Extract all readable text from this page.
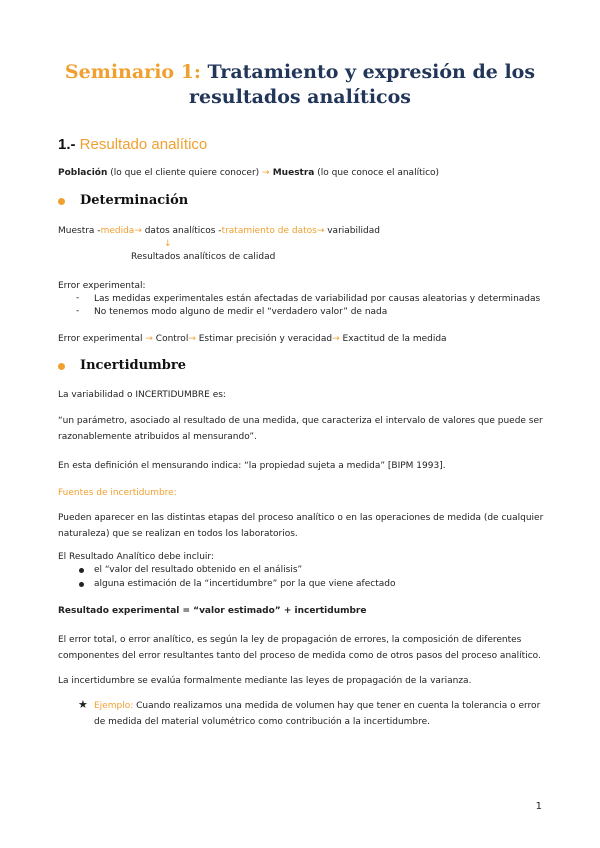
Seminario 1: Tratamiento y expresión de los
resultados analíticos
1.- Resultado analítico
Población (lo que el cliente quiere conocer) → Muestra (lo que conoce el analítico)
Determinación
Muestra -medida→ datos analíticos -tratamiento de datos→ variabilidad
↓
Resultados analíticos de calidad
Error experimental:
- Las medidas experimentales están afectadas de variabilidad por causas aleatorias y determinadas
- No tenemos modo alguno de medir el “verdadero valor” de nada
Error experimental → Control→ Estimar precisión y veracidad→ Exactitud de la medida
Incertidumbre
La variabilidad o INCERTIDUMBRE es:
“un parámetro, asociado al resultado de una medida, que caracteriza el intervalo de valores que puede ser razonablemente atribuidos al mensurando”.
En esta definición el mensurando indica: “la propiedad sujeta a medida” [BIPM 1993].
Fuentes de incertidumbre:
Pueden aparecer en las distintas etapas del proceso analítico o en las operaciones de medida (de cualquier naturaleza) que se realizan en todos los laboratorios.
El Resultado Analítico debe incluir:
el “valor del resultado obtenido en el análisis”
alguna estimación de la “incertidumbre” por la que viene afectado
Resultado experimental = “valor estimado” + incertidumbre
El error total, o error analítico, es según la ley de propagación de errores, la composición de diferentes componentes del error resultantes tanto del proceso de medida como de otros pasos del proceso analítico.
La incertidumbre se evalúa formalmente mediante las leyes de propagación de la varianza.
★ Ejemplo: Cuando realizamos una medida de volumen hay que tener en cuenta la tolerancia o error de medida del material volumétrico como contribución a la incertidumbre.
1
